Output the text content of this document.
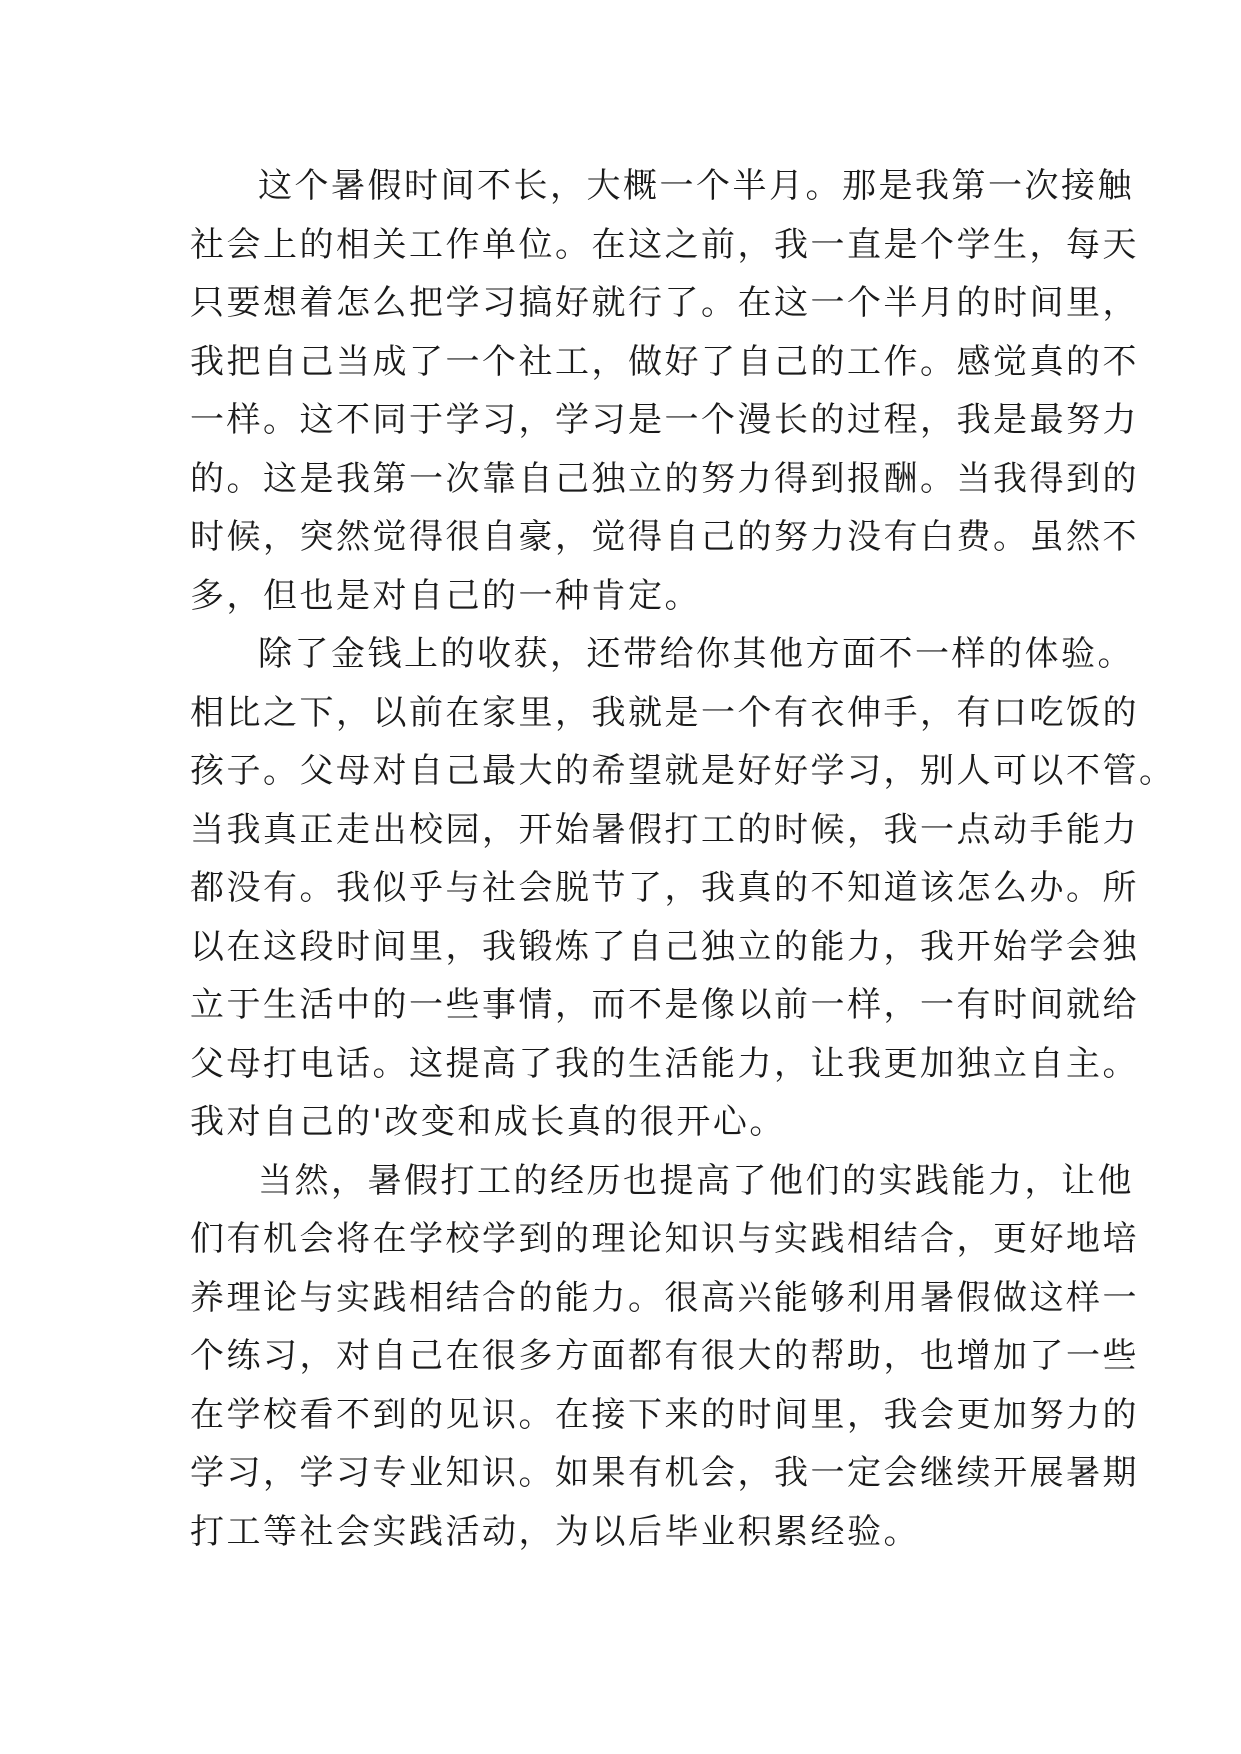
这个暑假时间不长，大概一个半月。那是我第一次接触
社会上的相关工作单位。在这之前，我一直是个学生，每天
只要想着怎么把学习搞好就行了。在这一个半月的时间里，
我把自己当成了一个社工，做好了自己的工作。感觉真的不
一样。这不同于学习，学习是一个漫长的过程，我是最努力
的。这是我第一次靠自己独立的努力得到报酬。当我得到的
时候，突然觉得很自豪，觉得自己的努力没有白费。虽然不
多，但也是对自己的一种肯定。
除了金钱上的收获，还带给你其他方面不一样的体验。
相比之下，以前在家里，我就是一个有衣伸手，有口吃饭的
孩子。父母对自己最大的希望就是好好学习，别人可以不管。
当我真正走出校园，开始暑假打工的时候，我一点动手能力
都没有。我似乎与社会脱节了，我真的不知道该怎么办。所
以在这段时间里，我锻炼了自己独立的能力，我开始学会独
立于生活中的一些事情，而不是像以前一样，一有时间就给
父母打电话。这提高了我的生活能力，让我更加独立自主。
我对自己的'改变和成长真的很开心。
当然，暑假打工的经历也提高了他们的实践能力，让他
们有机会将在学校学到的理论知识与实践相结合，更好地培
养理论与实践相结合的能力。很高兴能够利用暑假做这样一
个练习，对自己在很多方面都有很大的帮助，也增加了一些
在学校看不到的见识。在接下来的时间里，我会更加努力的
学习，学习专业知识。如果有机会，我一定会继续开展暑期
打工等社会实践活动，为以后毕业积累经验。
